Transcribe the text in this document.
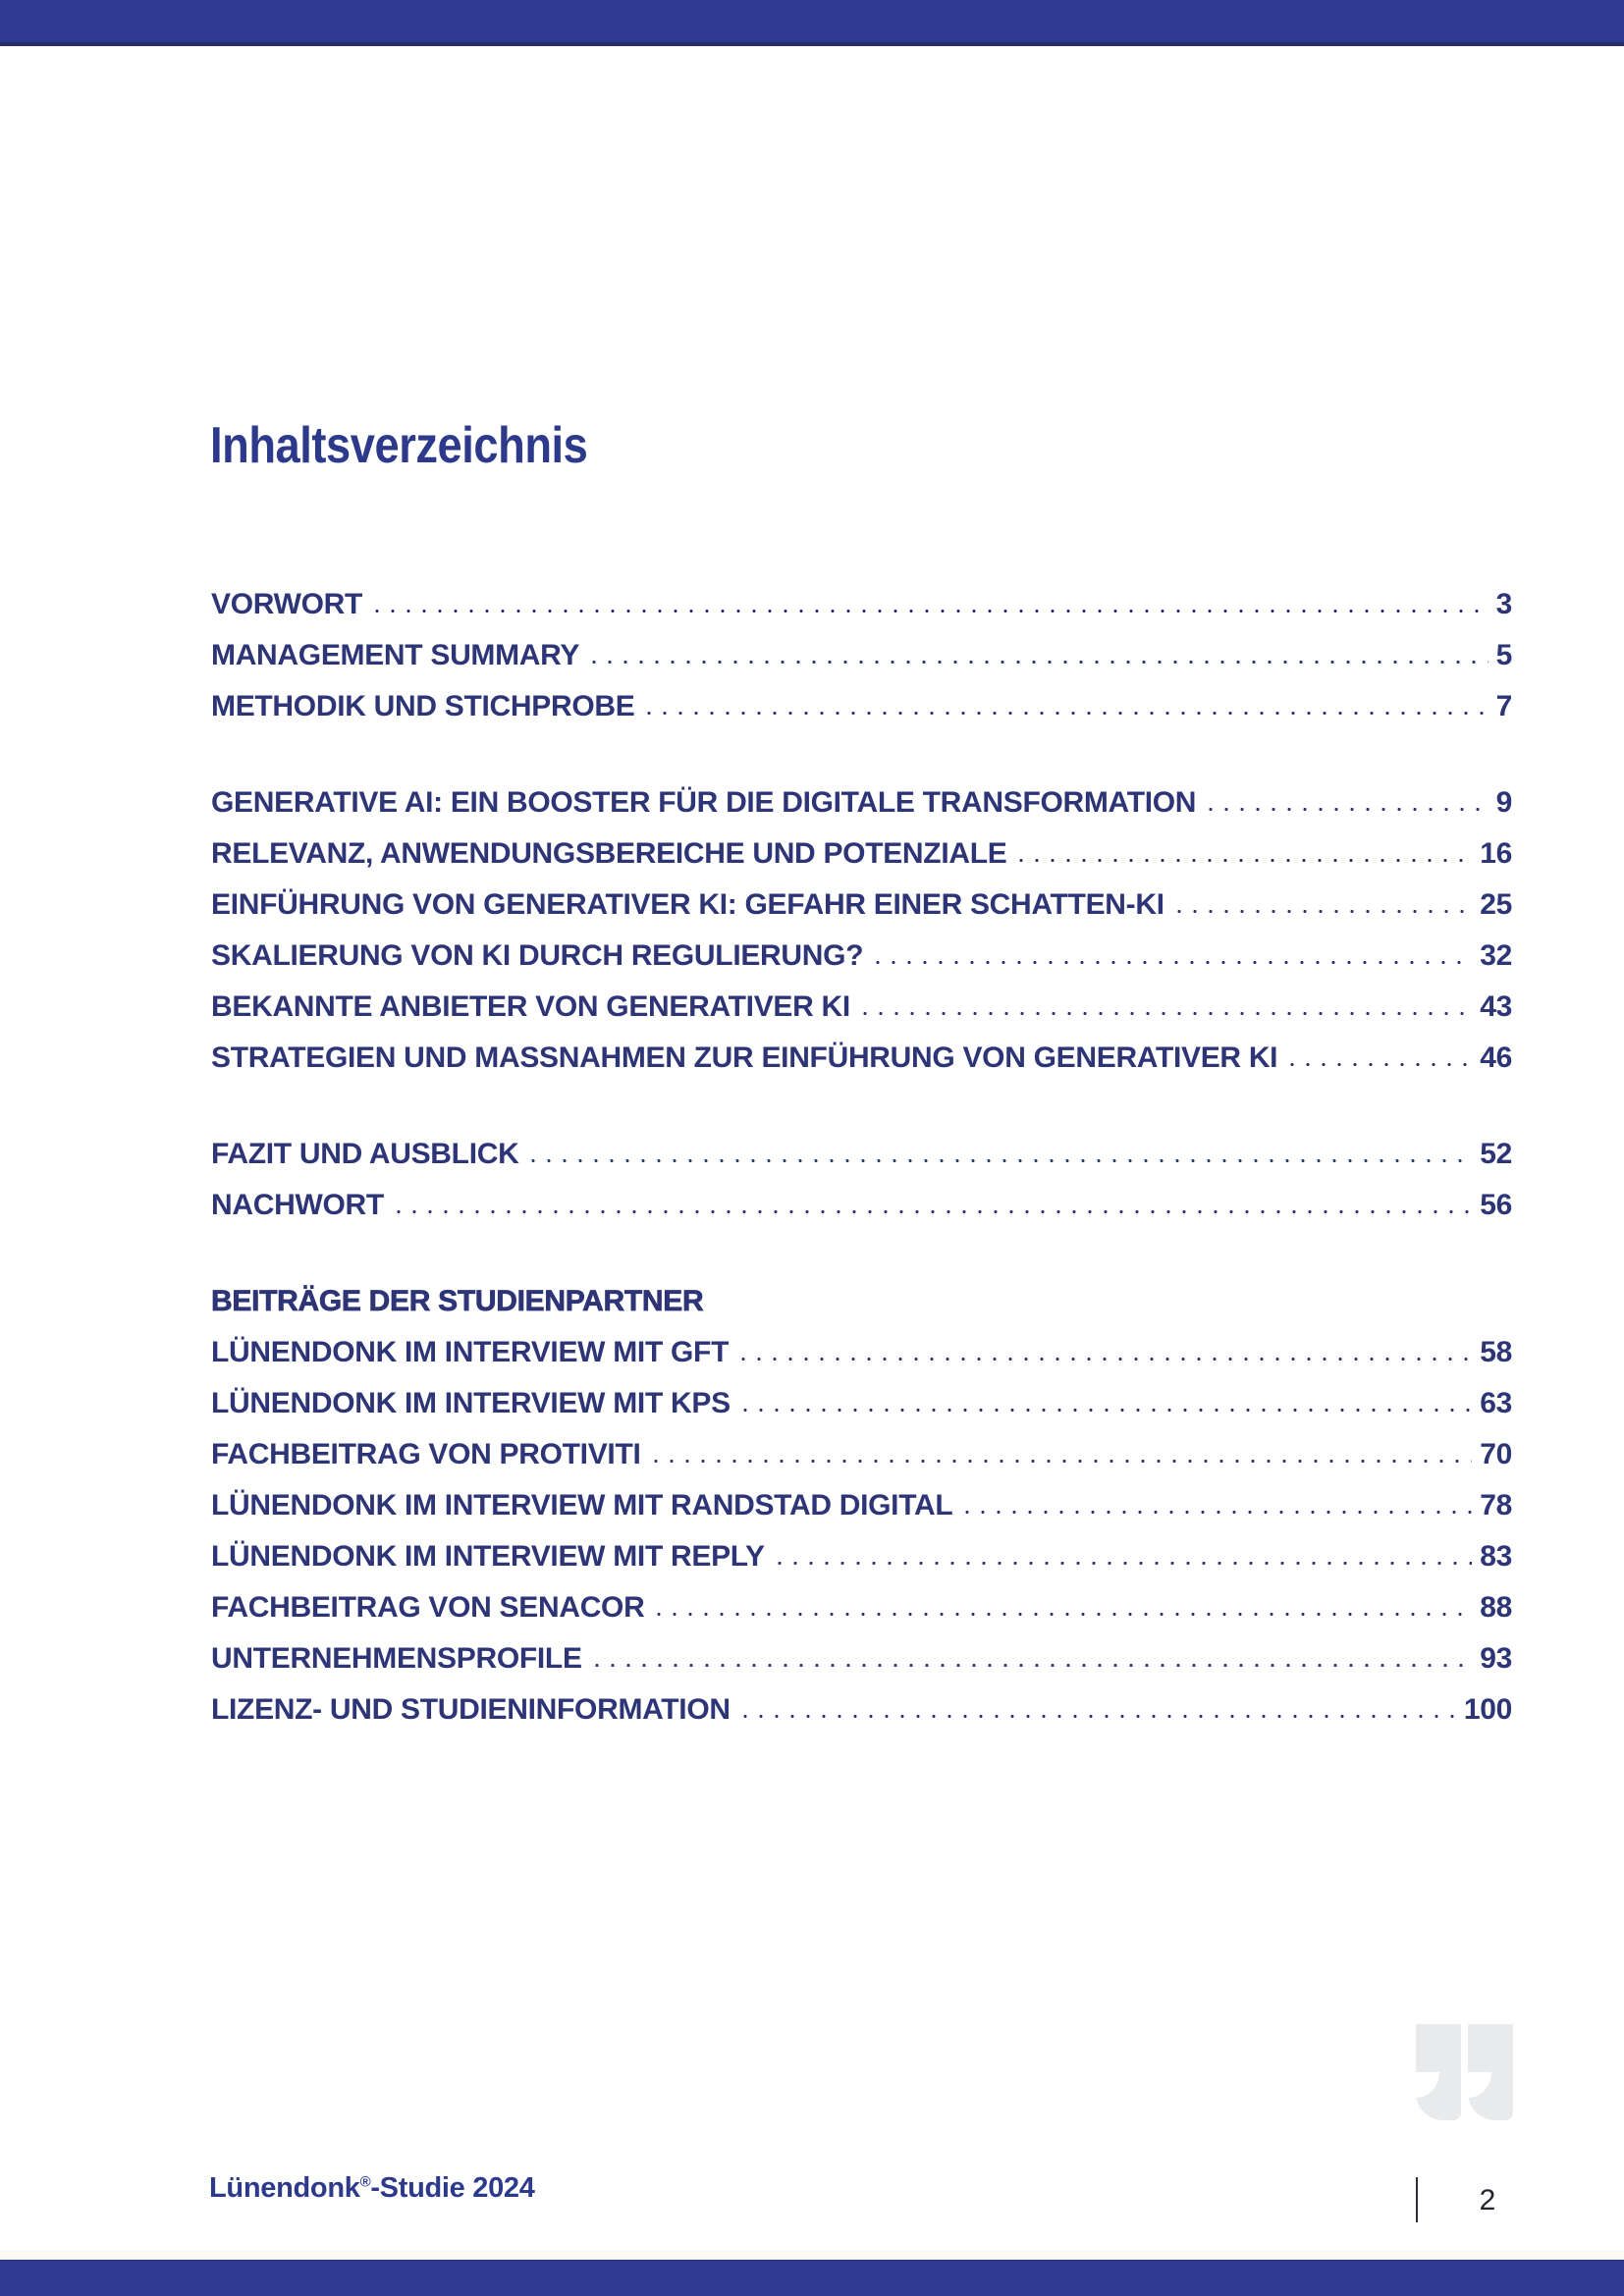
Inhaltsverzeichnis
VORWORT	3
MANAGEMENT SUMMARY	5
METHODIK UND STICHPROBE	7
GENERATIVE AI: EIN BOOSTER FÜR DIE DIGITALE TRANSFORMATION	9
RELEVANZ, ANWENDUNGSBEREICHE UND POTENZIALE	16
EINFÜHRUNG VON GENERATIVER KI: GEFAHR EINER SCHATTEN-KI	25
SKALIERUNG VON KI DURCH REGULIERUNG?	32
BEKANNTE ANBIETER VON GENERATIVER KI	43
STRATEGIEN UND MASSNAHMEN ZUR EINFÜHRUNG VON GENERATIVER KI	46
FAZIT UND AUSBLICK	52
NACHWORT	56
BEITRÄGE DER STUDIENPARTNER
LÜNENDONK IM INTERVIEW MIT GFT	58
LÜNENDONK IM INTERVIEW MIT KPS	63
FACHBEITRAG VON PROTIVITI	70
LÜNENDONK IM INTERVIEW MIT RANDSTAD DIGITAL	78
LÜNENDONK IM INTERVIEW MIT REPLY	83
FACHBEITRAG VON SENACOR	88
UNTERNEHMENSPROFILE	93
LIZENZ- UND STUDIENINFORMATION	100
Lünendonk®-Studie 2024	2
